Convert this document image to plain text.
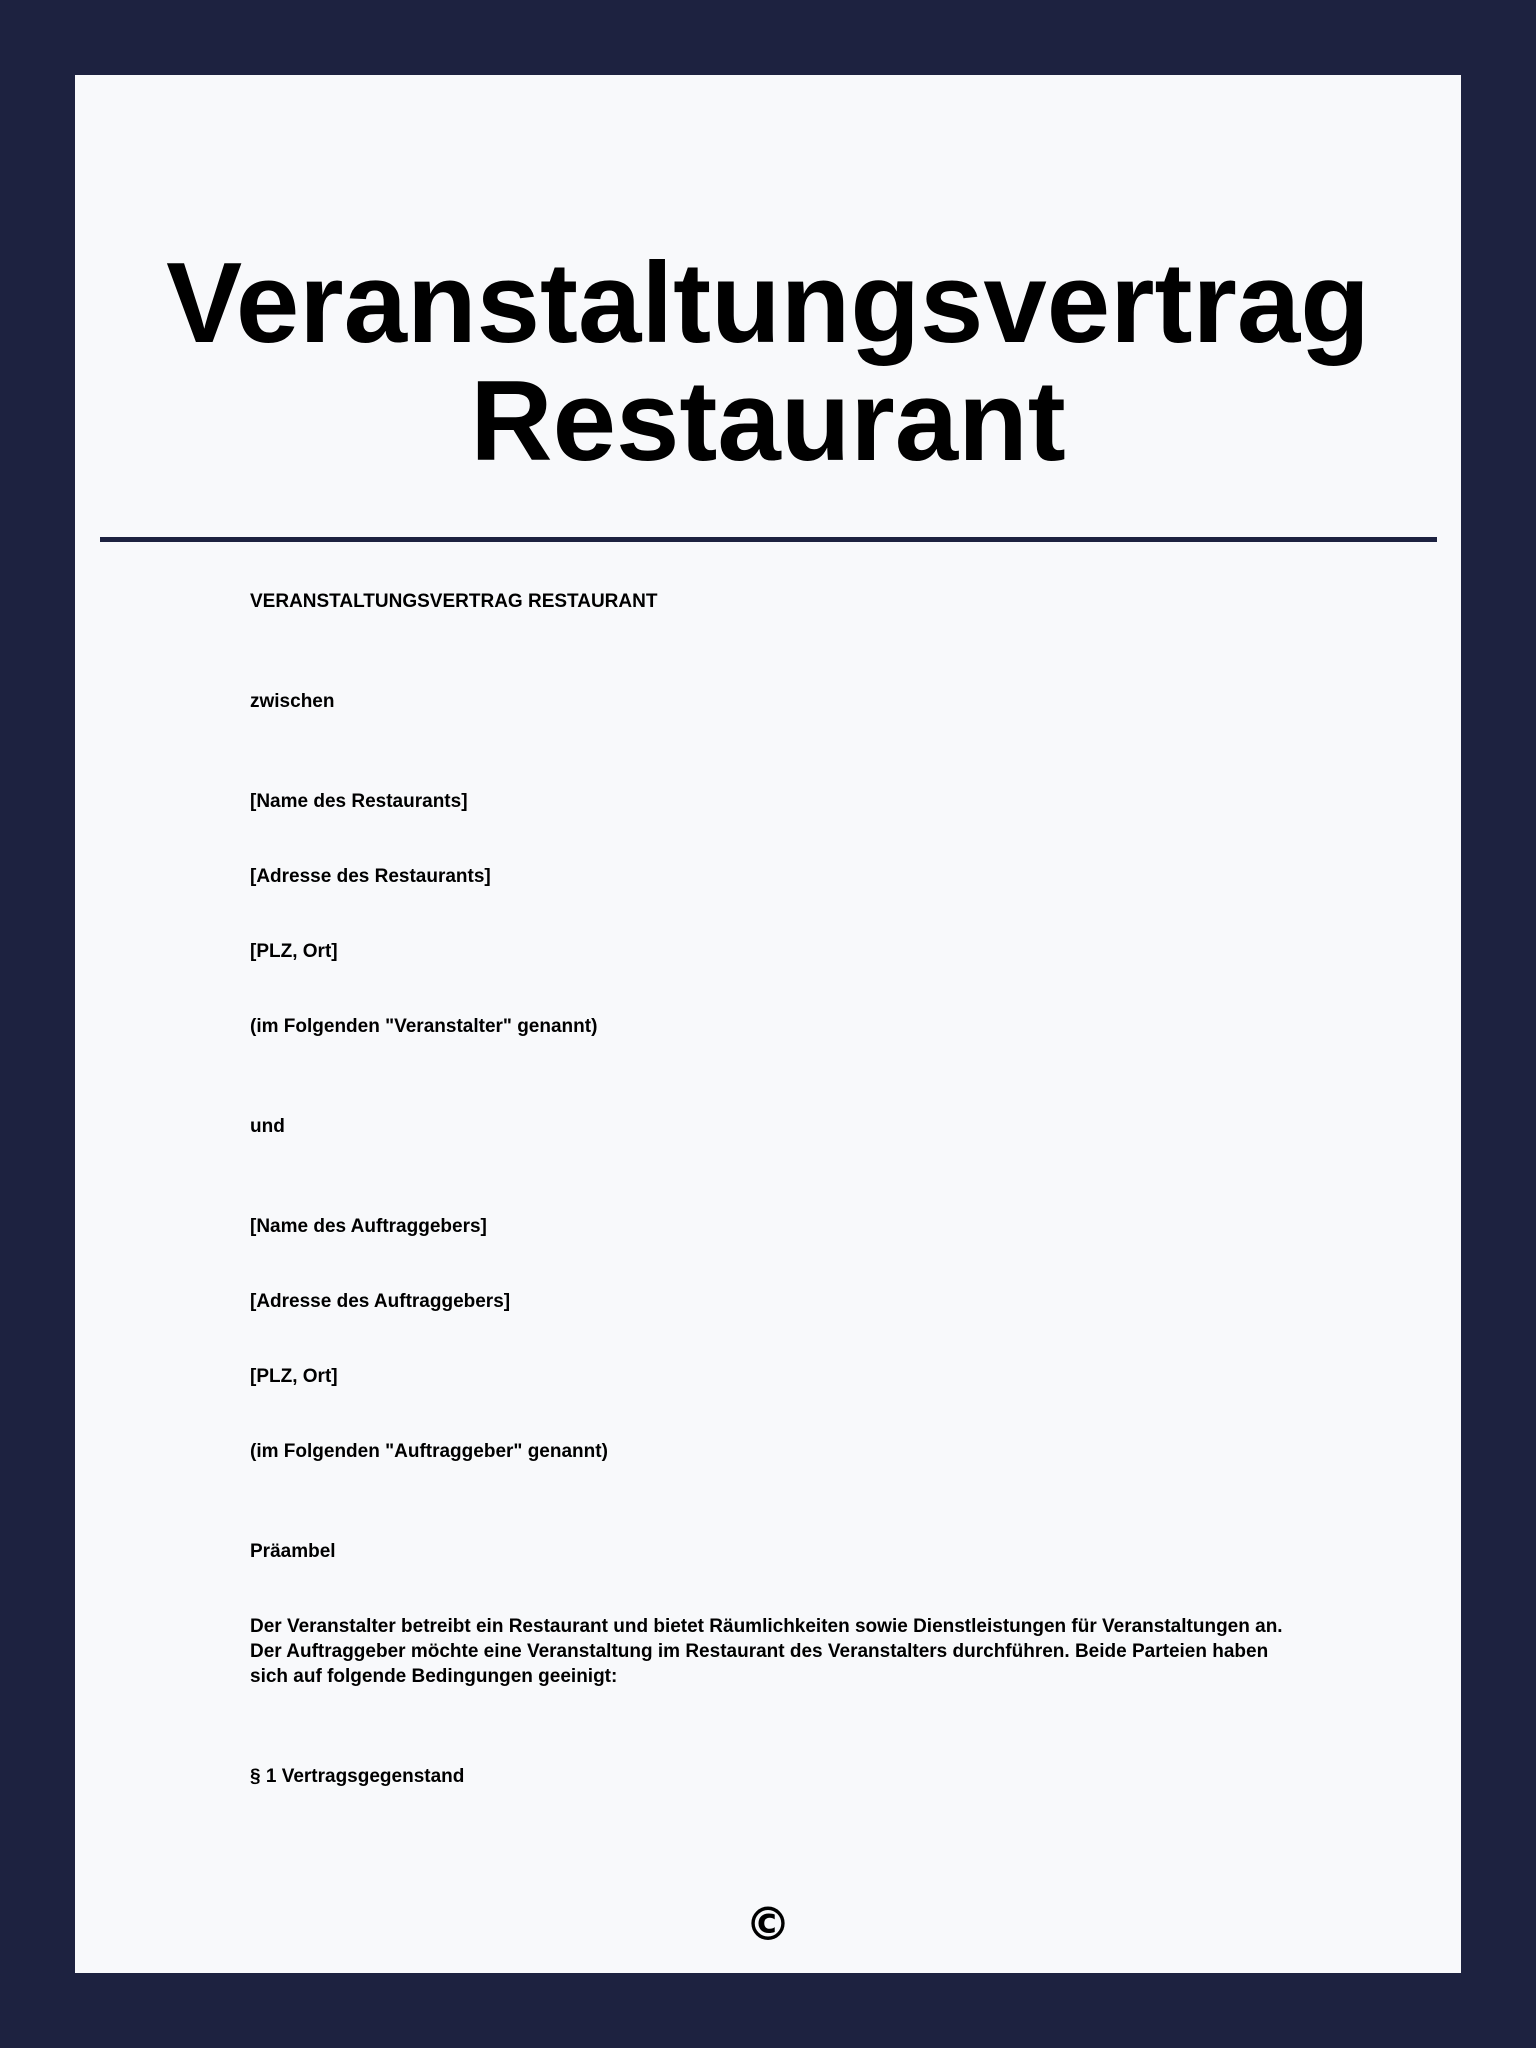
Veranstaltungsvertrag
Restaurant

VERANSTALTUNGSVERTRAG RESTAURANT

zwischen

[Name des Restaurants]

[Adresse des Restaurants]

[PLZ, Ort]

(im Folgenden "Veranstalter" genannt)

und

[Name des Auftraggebers]

[Adresse des Auftraggebers]

[PLZ, Ort]

(im Folgenden "Auftraggeber" genannt)

Präambel

Der Veranstalter betreibt ein Restaurant und bietet Räumlichkeiten sowie Dienstleistungen für Veranstaltungen an. Der Auftraggeber möchte eine Veranstaltung im Restaurant des Veranstalters durchführen. Beide Parteien haben sich auf folgende Bedingungen geeinigt:

§ 1 Vertragsgegenstand

©
